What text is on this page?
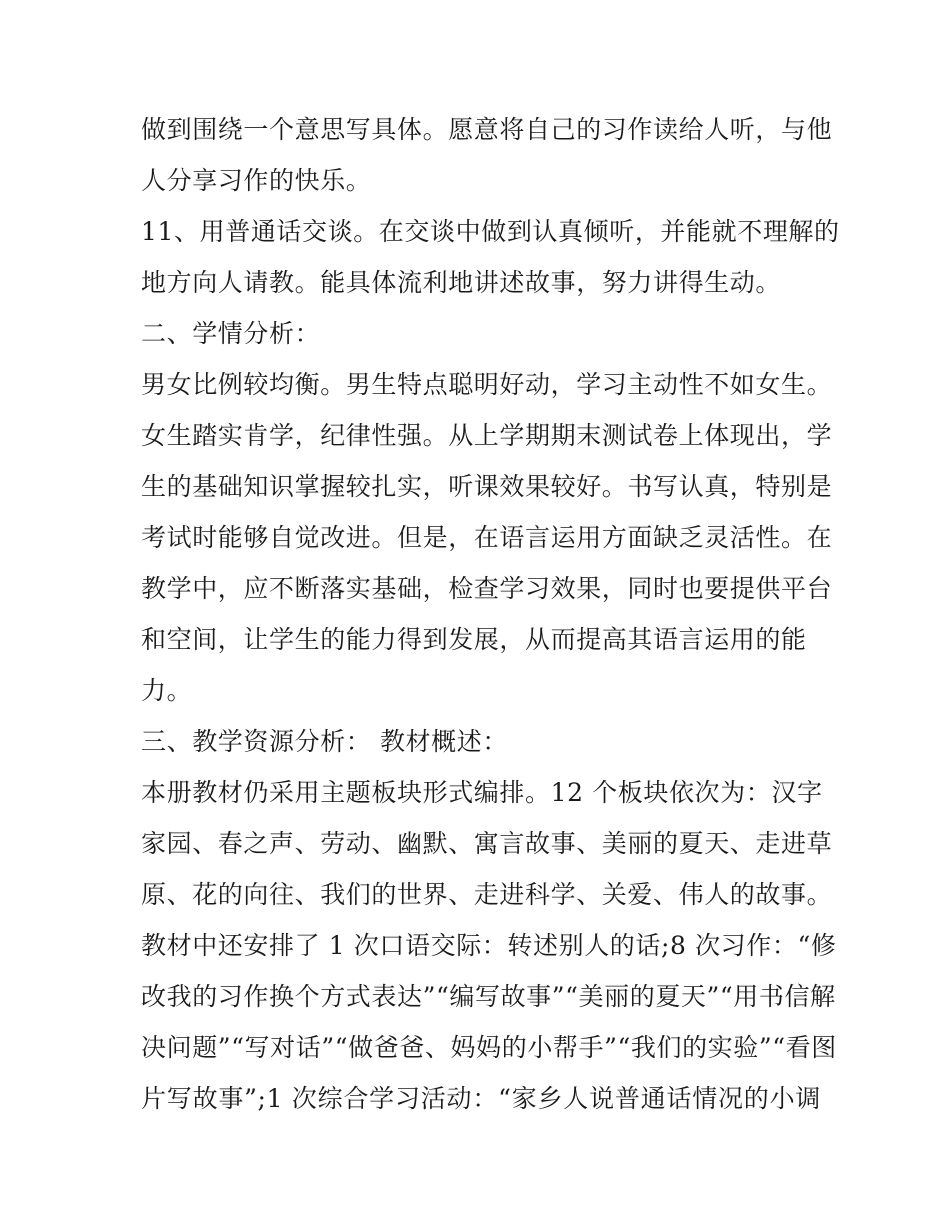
做到围绕一个意思写具体。愿意将自己的习作读给人听，与他
人分享习作的快乐。
11、用普通话交谈。在交谈中做到认真倾听，并能就不理解的
地方向人请教。能具体流利地讲述故事，努力讲得生动。
二、学情分析：
男女比例较均衡。男生特点聪明好动，学习主动性不如女生。
女生踏实肯学，纪律性强。从上学期期末测试卷上体现出，学
生的基础知识掌握较扎实，听课效果较好。书写认真，特别是
考试时能够自觉改进。但是，在语言运用方面缺乏灵活性。在
教学中，应不断落实基础，检查学习效果，同时也要提供平台
和空间，让学生的能力得到发展，从而提高其语言运用的能
力。
三、教学资源分析： 教材概述：
本册教材仍采用主题板块形式编排。12 个板块依次为：汉字
家园、春之声、劳动、幽默、寓言故事、美丽的夏天、走进草
原、花的向往、我们的世界、走进科学、关爱、伟人的故事。
教材中还安排了 1 次口语交际：转述别人的话;8 次习作：“修
改我的习作换个方式表达”“编写故事”“美丽的夏天”“用书信解
决问题”“写对话”“做爸爸、妈妈的小帮手”“我们的实验”“看图
片写故事”;1 次综合学习活动：“家乡人说普通话情况的小调
